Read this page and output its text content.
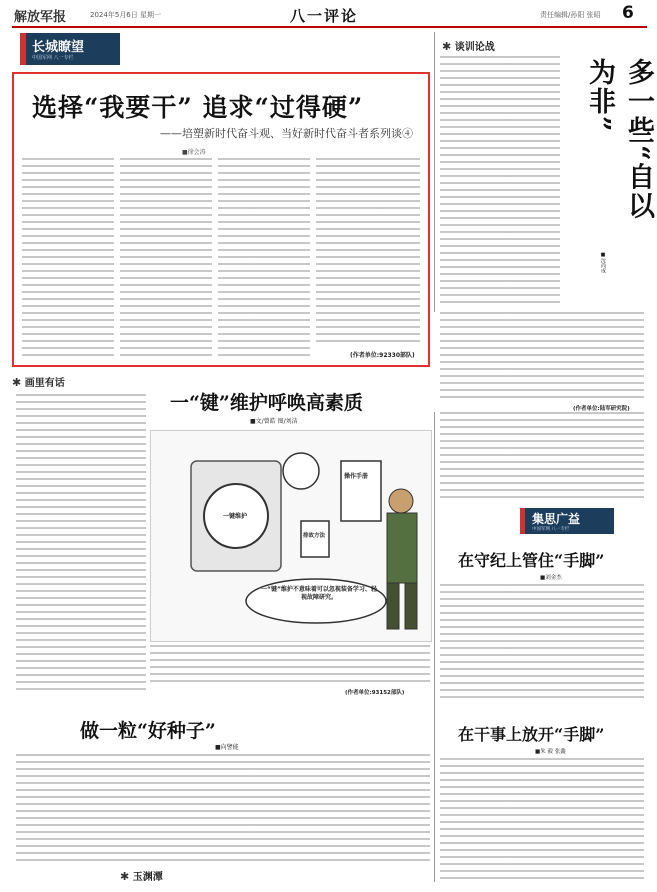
解放军报	2024年5月6日 星期一	八一评论	责任编辑/孙阳 张昭 6
长城瞭望
中国军网 八一专栏
选择“我要干” 追求“过得硬”
——培塑新时代奋斗观、当好新时代奋斗者系列谈④
■徐会涛
(作者单位:92330部队)
✱ 谈训论战
多一些“自以为非”
■沈尚成
(作者单位:陆军研究院)
✱ 画里有话
一“键”维护呼唤高素质
■文/曾皓 图/刘洁
一键维护
排故方法
操作手册
一“键”维护不意味着可以忽视装备学习、轻视故障研究。
(作者单位:93152部队)
做一粒“好种子”
■向譬能
✱ 玉渊潭
集思广益
中国军网 八一专栏
在守纪上管住“手脚”
■刘金杰
在干事上放开“手脚”
■朱 毅 张鑫
